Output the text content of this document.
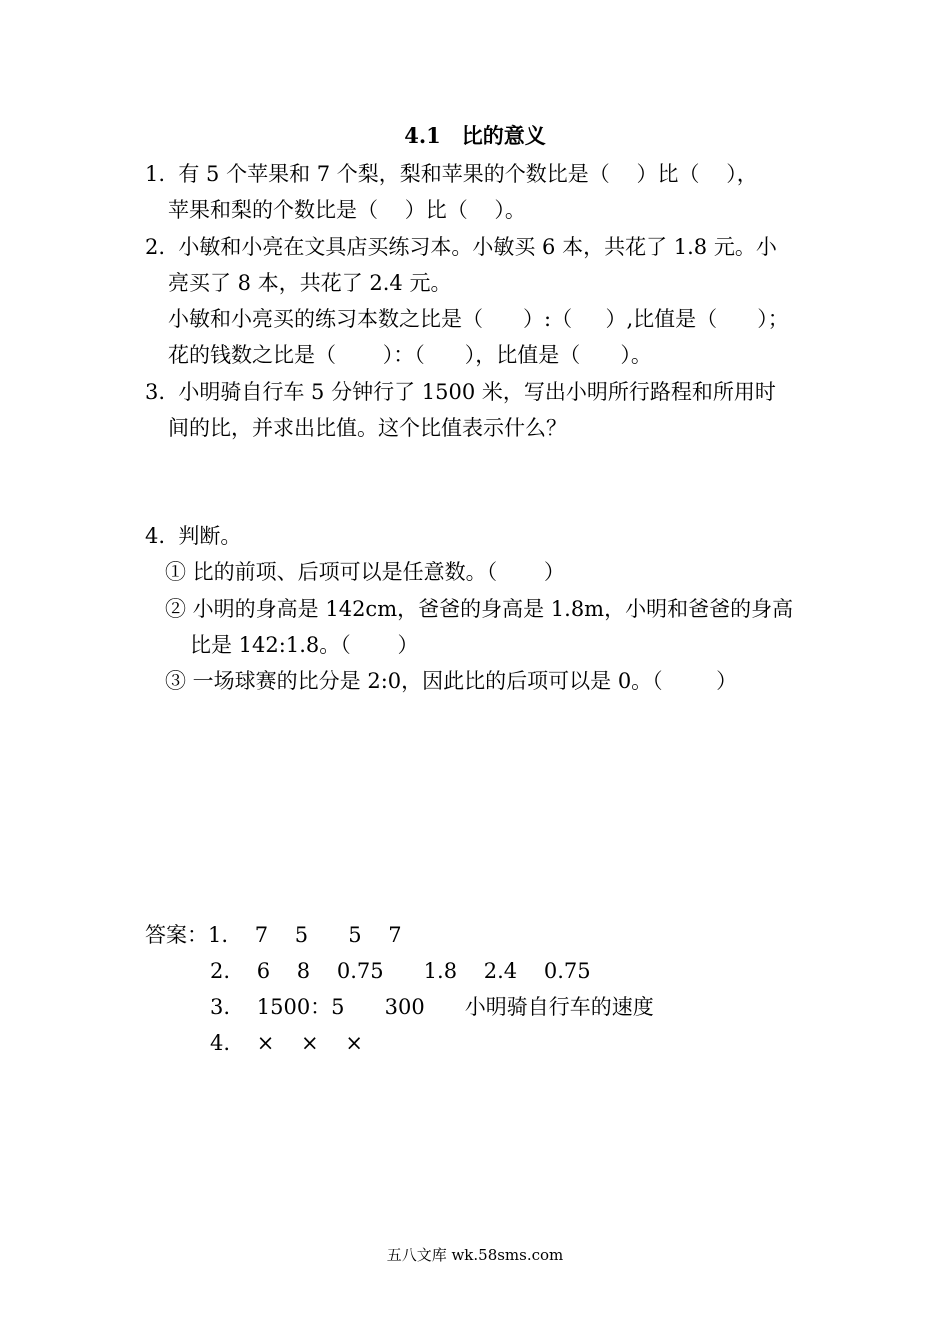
4.1　比的意义
1.  有 5 个苹果和 7 个梨，梨和苹果的个数比是（    ）比（    ），
苹果和梨的个数比是（    ）比（    ）。
2.  小敏和小亮在文具店买练习本。小敏买 6 本，共花了 1.8 元。小
亮买了 8 本，共花了 2.4 元。
小敏和小亮买的练习本数之比是（      ）:（     ）,比值是（      ）；
花的钱数之比是（       ）：（      ），比值是（      ）。
3.  小明骑自行车 5 分钟行了 1500 米，写出小明所行路程和所用时
间的比，并求出比值。这个比值表示什么？
4.  判断。
① 比的前项、后项可以是任意数。（       ）
② 小明的身高是 142cm，爸爸的身高是 1.8m，小明和爸爸的身高
比是 142:1.8。（       ）
③ 一场球赛的比分是 2:0，因此比的后项可以是 0。（        ）
答案：1.    7    5      5    7
2.    6    8    0.75      1.8    2.4    0.75
3.    1500：5      300      小明骑自行车的速度
4.    ×    ×    ×
五八文库 wk.58sms.com
